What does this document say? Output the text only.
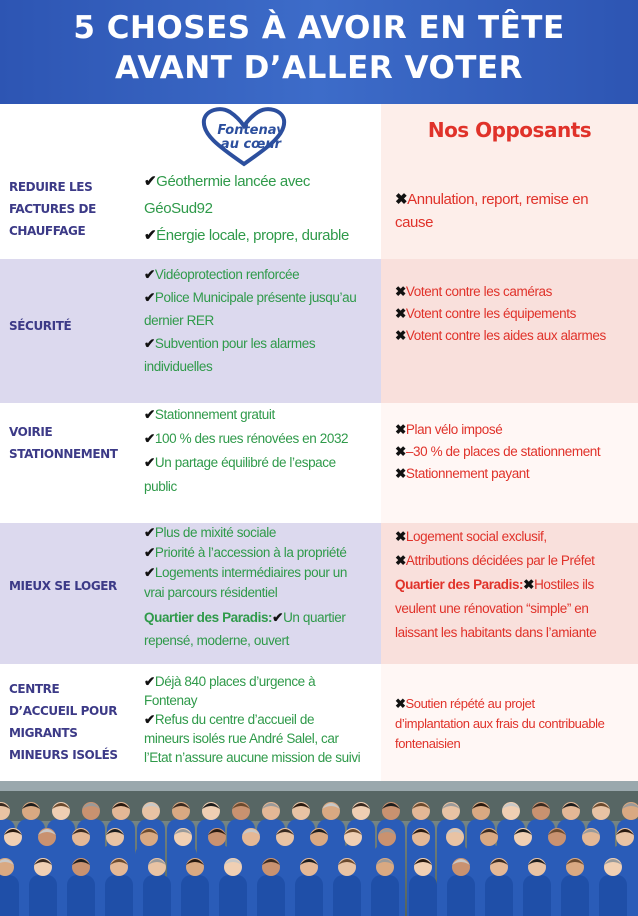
5 CHOSES À AVOIR EN TÊTE
AVANT D’ALLER VOTER
Fontenay
au cœur
Nos Opposants
REDUIRE LES
FACTURES DE
CHAUFFAGE
✔Géothermie lancée avec
GéoSud92
✔Énergie locale, propre, durable
✖Annulation, report, remise en
cause
SÉCURITÉ
✔Vidéoprotection renforcée
✔Police Municipale présente jusqu’au
dernier RER
✔Subvention pour les alarmes
individuelles
✖Votent contre les caméras
✖Votent contre les équipements
✖Votent contre les aides aux alarmes
VOIRIE
STATIONNEMENT
✔Stationnement gratuit
✔100 % des rues rénovées en 2032
✔Un partage équilibré de l’espace
public
✖Plan vélo imposé
✖–30 % de places de stationnement
✖Stationnement payant
MIEUX SE LOGER
✔Plus de mixité sociale
✔Priorité à l’accession à la propriété
✔Logements intermédiaires pour un
vrai parcours résidentiel
Quartier des Paradis:✔Un quartier
repensé, moderne, ouvert
✖Logement social exclusif,
✖Attributions décidées par le Préfet
Quartier des Paradis:✖Hostiles ils
veulent une rénovation “simple” en
laissant les habitants dans l’amiante
CENTRE
D’ACCUEIL POUR
MIGRANTS
MINEURS ISOLÉS
✔Déjà 840 places d’urgence à
Fontenay
✔Refus du centre d’accueil de
mineurs isolés rue André Salel, car
l’Etat n’assure aucune mission de suivi
✖Soutien répété au projet
d’implantation aux frais du contribuable
fontenaisien
